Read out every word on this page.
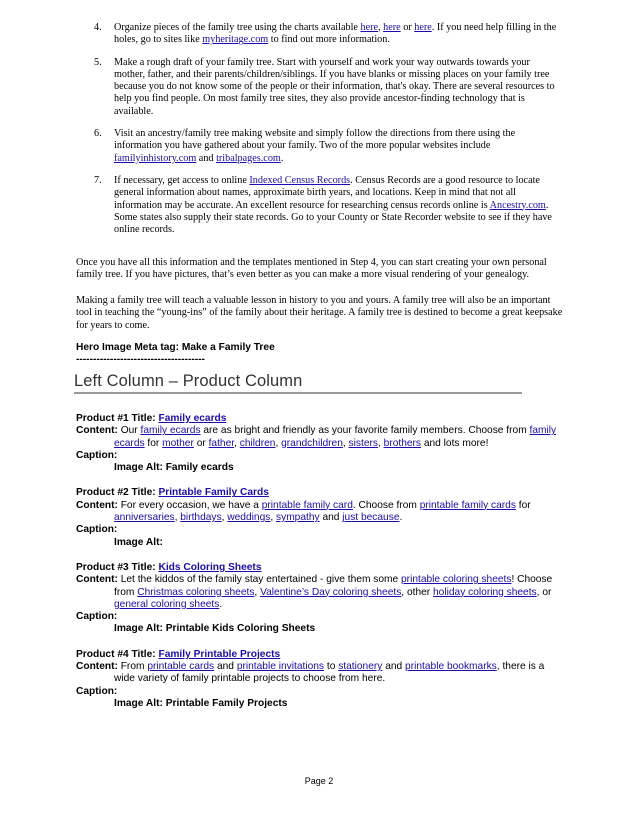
4. Organize pieces of the family tree using the charts available here, here or here. If you need help filling in the holes, go to sites like myheritage.com to find out more information.
5. Make a rough draft of your family tree. Start with yourself and work your way outwards towards your mother, father, and their parents/children/siblings. If you have blanks or missing places on your family tree because you do not know some of the people or their information, that's okay. There are several resources to help you find people. On most family tree sites, they also provide ancestor-finding technology that is available.
6. Visit an ancestry/family tree making website and simply follow the directions from there using the information you have gathered about your family. Two of the more popular websites include familyinhistory.com and tribalpages.com.
7. If necessary, get access to online Indexed Census Records. Census Records are a good resource to locate general information about names, approximate birth years, and locations. Keep in mind that not all information may be accurate. An excellent resource for researching census records online is Ancestry.com. Some states also supply their state records. Go to your County or State Recorder website to see if they have online records.

Once you have all this information and the templates mentioned in Step 4, you can start creating your own personal family tree. If you have pictures, that’s even better as you can make a more visual rendering of your genealogy.

Making a family tree will teach a valuable lesson in history to you and yours. A family tree will also be an important tool in teaching the “young-ins” of the family about their heritage. A family tree is destined to become a great keepsake for years to come.

Hero Image Meta tag: Make a Family Tree
--------------------------------------
Left Column – Product Column
Product #1 Title: Family ecards
Content: Our family ecards are as bright and friendly as your favorite family members. Choose from family ecards for mother or father, children, grandchildren, sisters, brothers and lots more!
Caption:
Image Alt: Family ecards
Product #2 Title: Printable Family Cards
Content: For every occasion, we have a printable family card. Choose from printable family cards for anniversaries, birthdays, weddings, sympathy and just because.
Caption:
Image Alt:
Product #3 Title: Kids Coloring Sheets
Content: Let the kiddos of the family stay entertained - give them some printable coloring sheets! Choose from Christmas coloring sheets, Valentine’s Day coloring sheets, other holiday coloring sheets, or general coloring sheets.
Caption:
Image Alt: Printable Kids Coloring Sheets
Product #4 Title: Family Printable Projects
Content: From printable cards and printable invitations to stationery and printable bookmarks, there is a wide variety of family printable projects to choose from here.
Caption:
Image Alt: Printable Family Projects
Page 2
